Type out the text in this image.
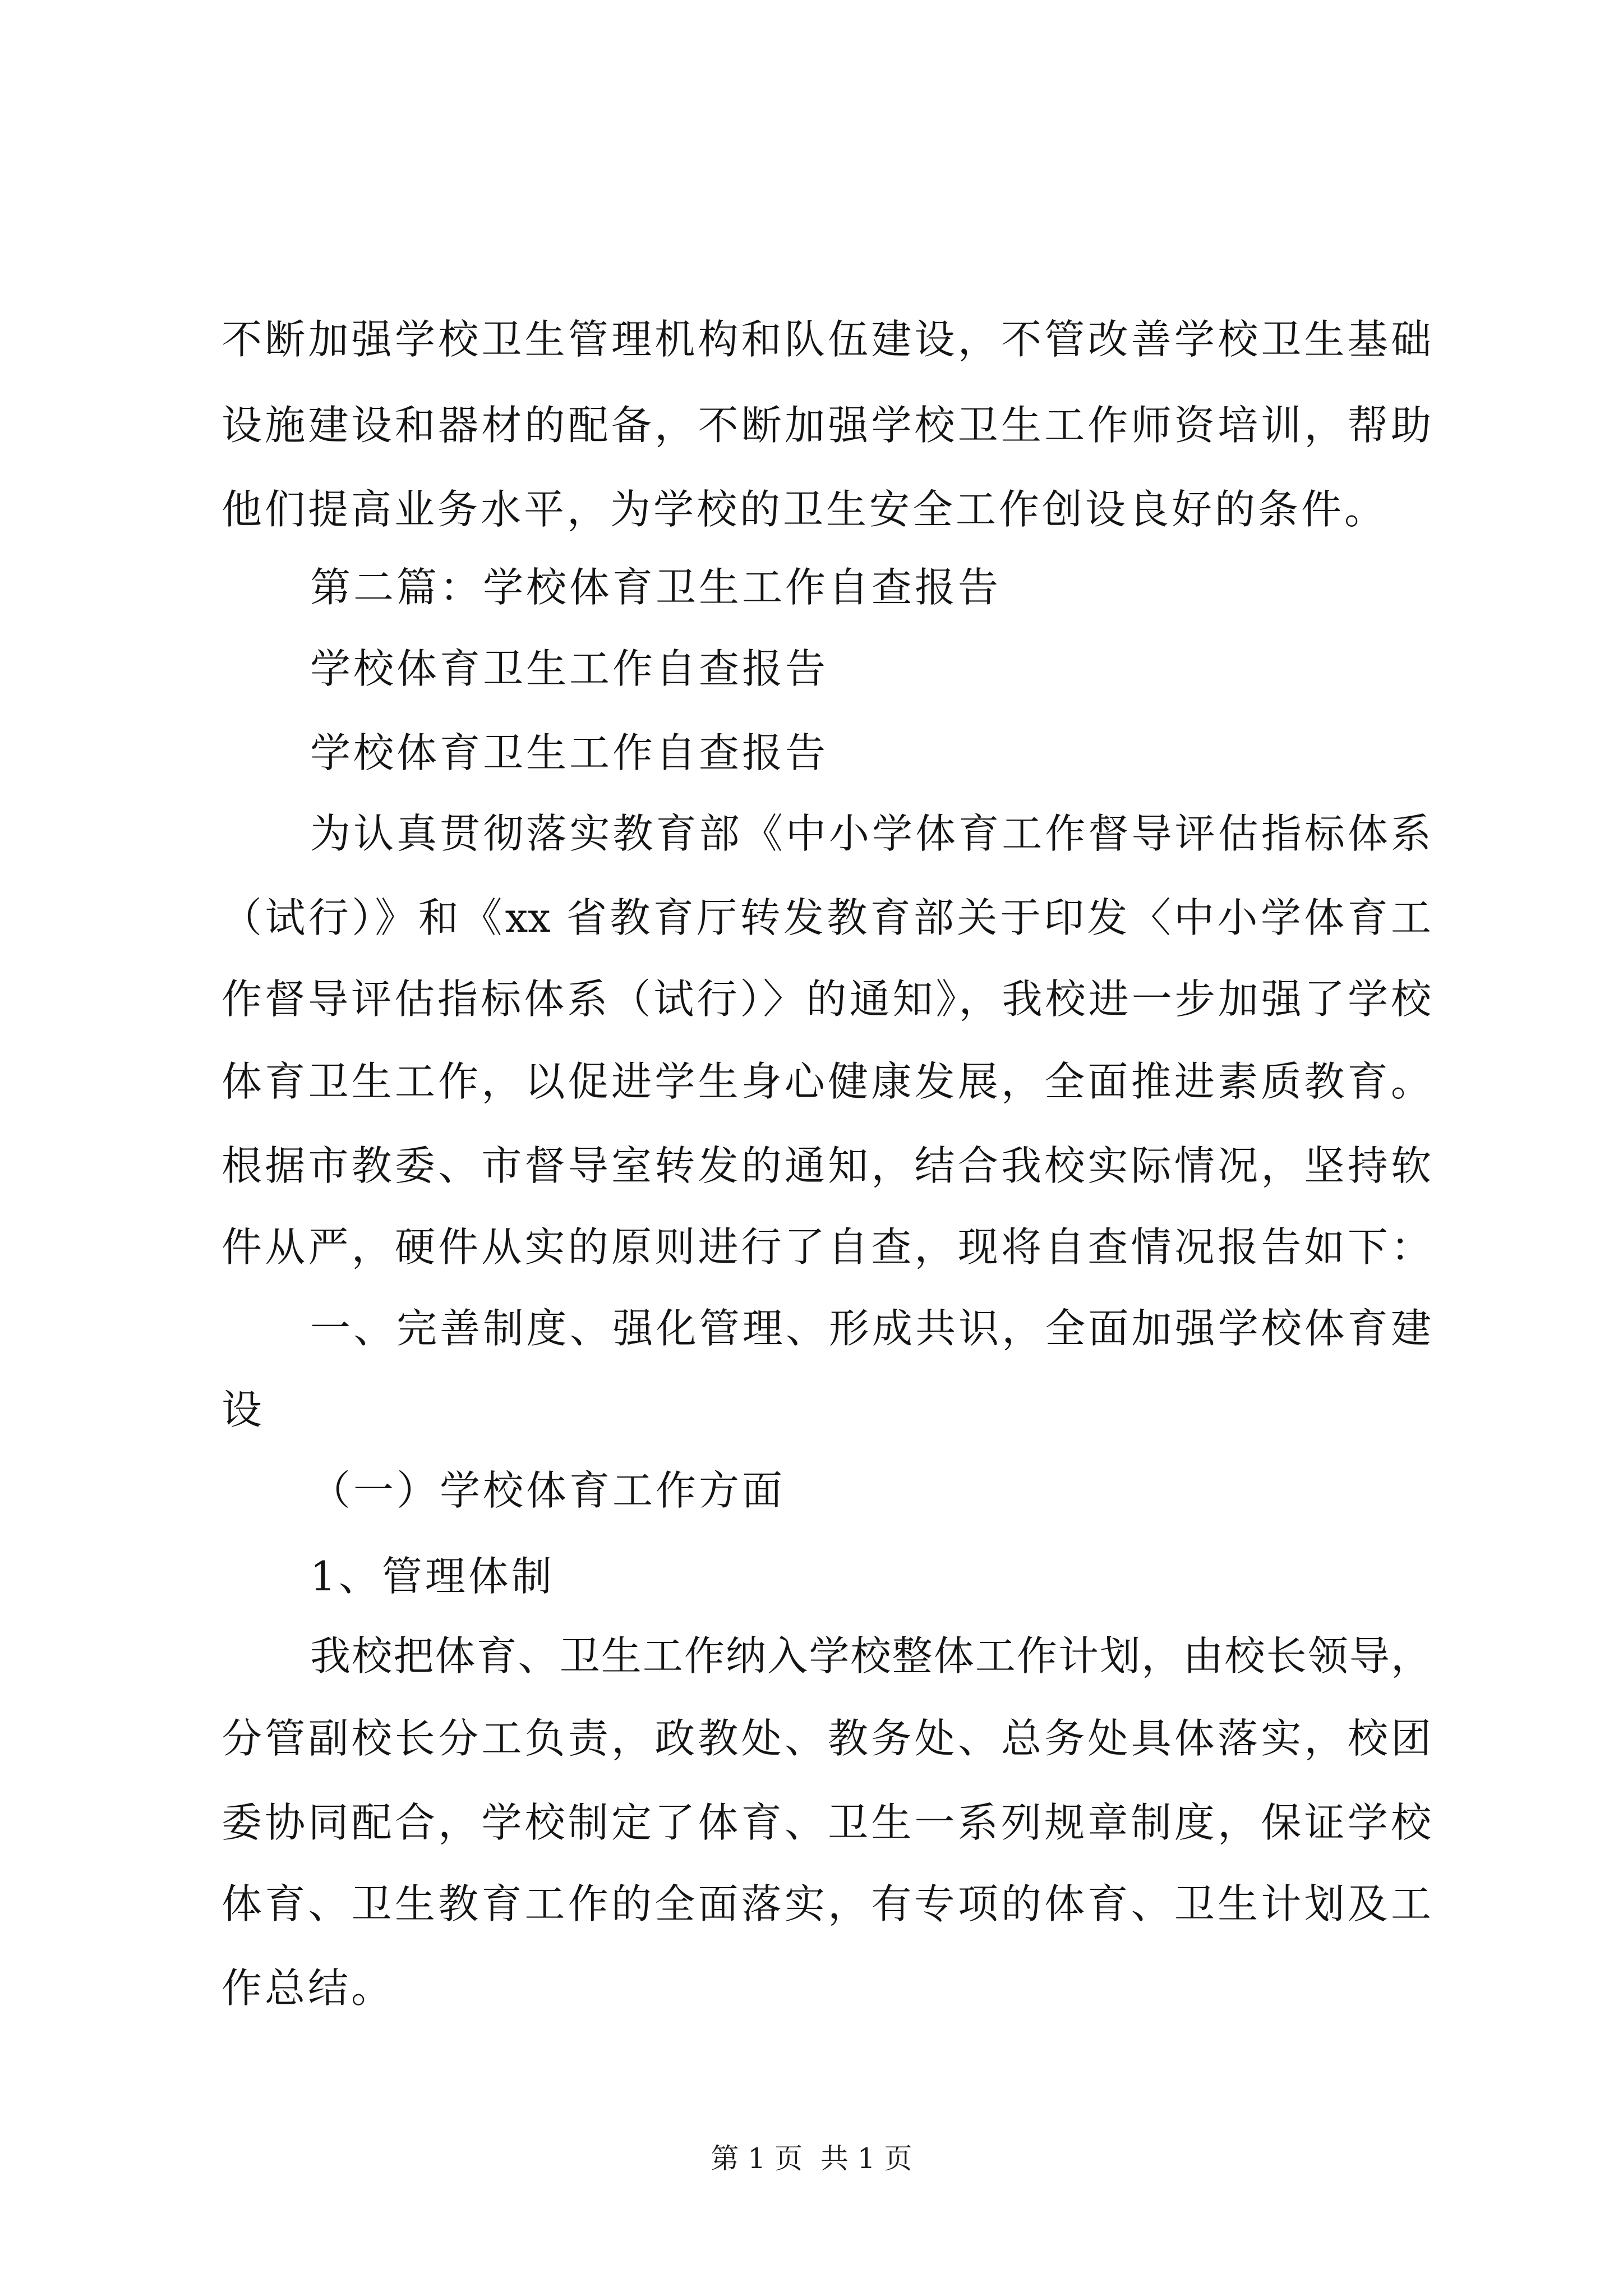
不断加强学校卫生管理机构和队伍建设，不管改善学校卫生基础
设施建设和器材的配备，不断加强学校卫生工作师资培训，帮助
他们提高业务水平，为学校的卫生安全工作创设良好的条件。
第二篇：学校体育卫生工作自查报告
学校体育卫生工作自查报告
学校体育卫生工作自查报告
为认真贯彻落实教育部《中小学体育工作督导评估指标体系
（试行）》和《xx 省教育厅转发教育部关于印发〈中小学体育工
作督导评估指标体系（试行）〉的通知》，我校进一步加强了学校
体育卫生工作，以促进学生身心健康发展，全面推进素质教育。
根据市教委、市督导室转发的通知，结合我校实际情况，坚持软
件从严，硬件从实的原则进行了自查，现将自查情况报告如下：
一、完善制度、强化管理、形成共识，全面加强学校体育建
设
（一）学校体育工作方面
1、管理体制
我校把体育、卫生工作纳入学校整体工作计划，由校长领导，
分管副校长分工负责，政教处、教务处、总务处具体落实，校团
委协同配合，学校制定了体育、卫生一系列规章制度，保证学校
体育、卫生教育工作的全面落实，有专项的体育、卫生计划及工
作总结。
第 1 页  共 1 页
